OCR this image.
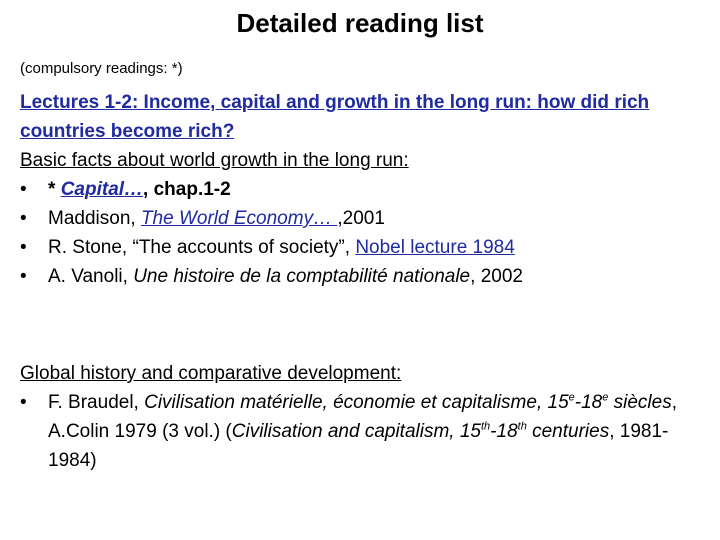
Detailed reading list
(compulsory readings: *)
Lectures 1-2: Income, capital and growth in the long run: how did rich countries become rich?
Basic facts about world growth in the long run:
• * Capital…, chap.1-2
• Maddison, The World Economy… ,2001
• R. Stone, “The accounts of society”, Nobel lecture 1984
• A. Vanoli, Une histoire de la comptabilité nationale, 2002
Global history and comparative development:
• F. Braudel, Civilisation matérielle, économie et capitalisme, 15e-18e siècles, A.Colin 1979 (3 vol.) (Civilisation and capitalism, 15th-18th centuries, 1981-1984)
